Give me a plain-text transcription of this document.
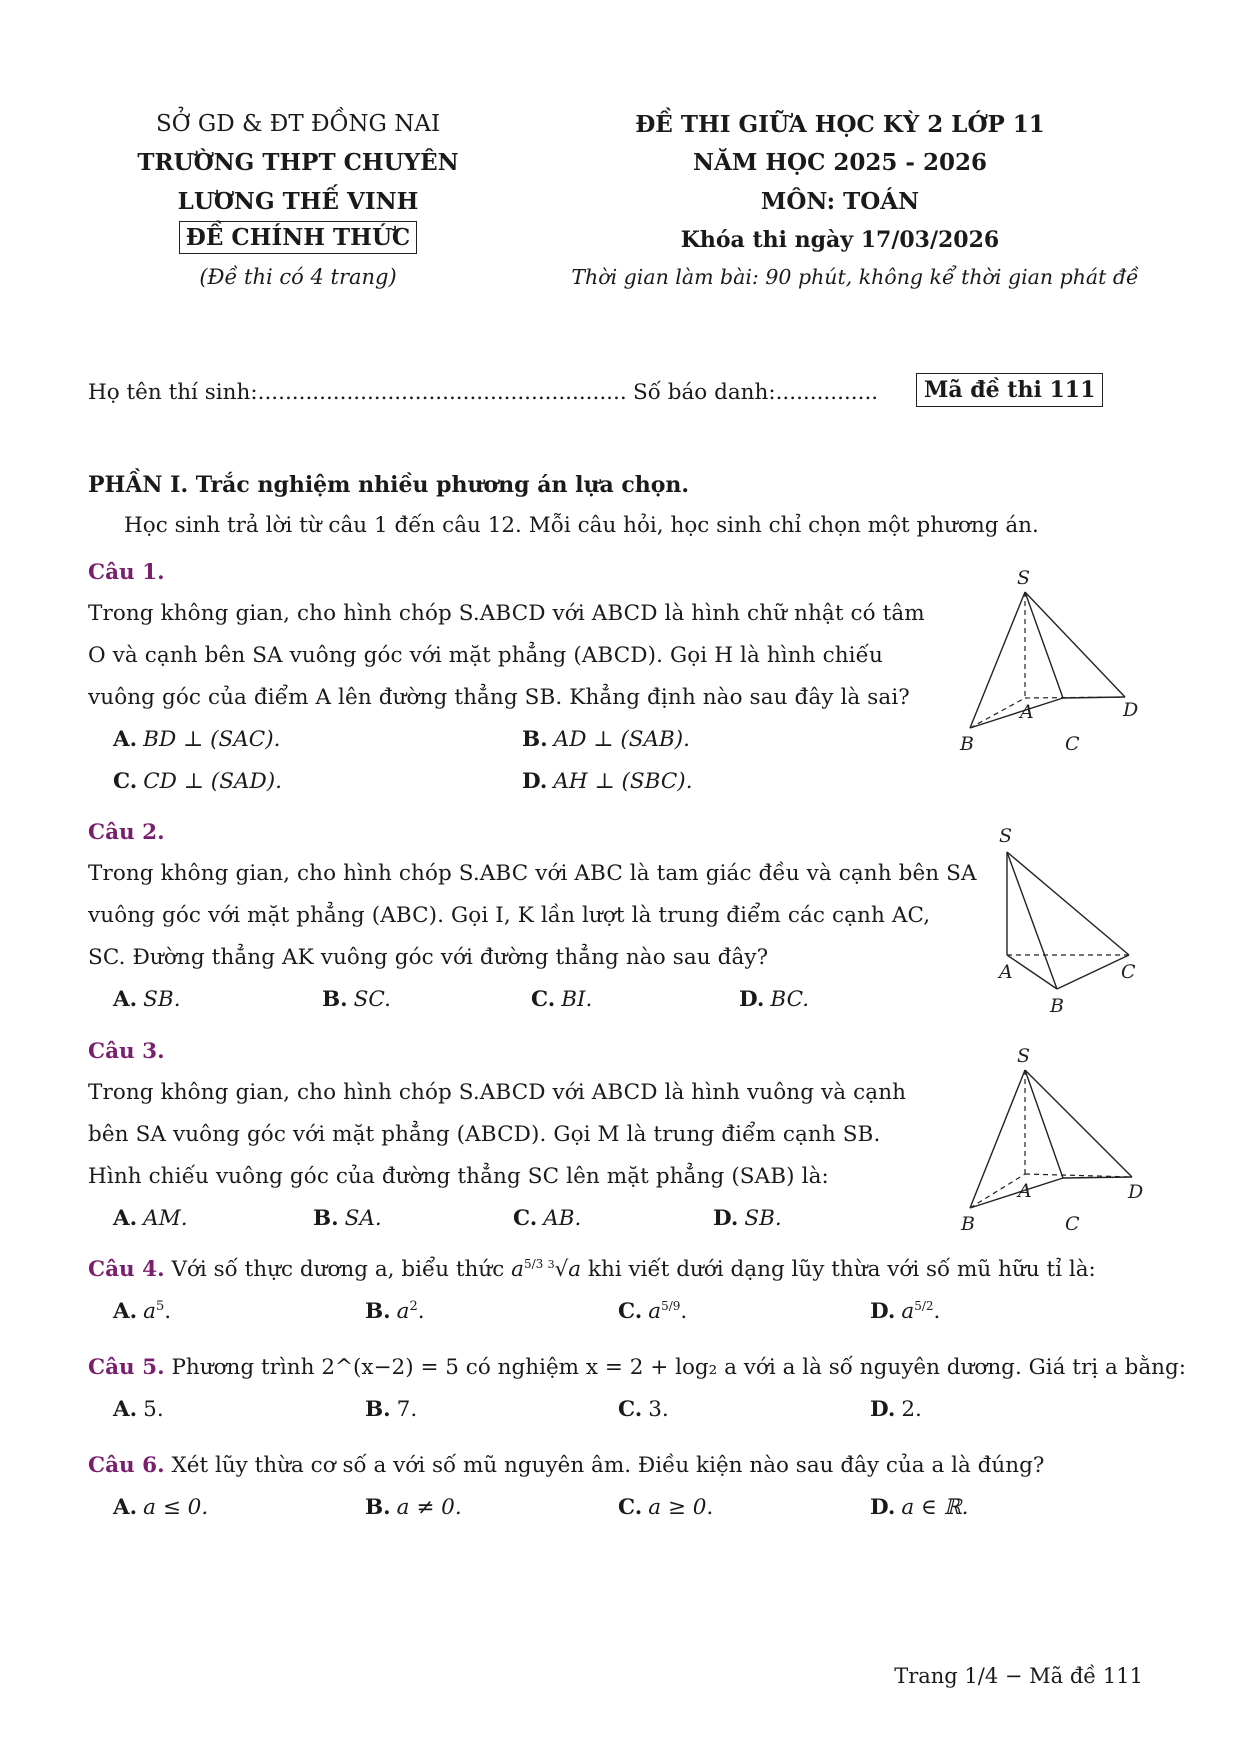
SỞ GD & ĐT ĐỒNG NAI
TRƯỜNG THPT CHUYÊN
LƯƠNG THẾ VINH
ĐỀ CHÍNH THỨC
(Đề thi có 4 trang)
ĐỀ THI GIỮA HỌC KỲ 2 LỚP 11
NĂM HỌC 2025 - 2026
MÔN: TOÁN
Khóa thi ngày 17/03/2026
Thời gian làm bài: 90 phút, không kể thời gian phát đề
Họ tên thí sinh:...................................................... Số báo danh:...............	Mã đề thi 111
PHẦN I. Trắc nghiệm nhiều phương án lựa chọn.
Học sinh trả lời từ câu 1 đến câu 12. Mỗi câu hỏi, học sinh chỉ chọn một phương án.
Câu 1.
Trong không gian, cho hình chóp S.ABCD với ABCD là hình chữ nhật có tâm
O và cạnh bên SA vuông góc với mặt phẳng (ABCD). Gọi H là hình chiếu
vuông góc của điểm A lên đường thẳng SB. Khẳng định nào sau đây là sai?
A. BD ⊥ (SAC).	B. AD ⊥ (SAB).
C. CD ⊥ (SAD).	D. AH ⊥ (SBC).
S
A	D
B	C
Câu 2.
Trong không gian, cho hình chóp S.ABC với ABC là tam giác đều và cạnh bên SA
vuông góc với mặt phẳng (ABC). Gọi I, K lần lượt là trung điểm các cạnh AC,
SC. Đường thẳng AK vuông góc với đường thẳng nào sau đây?
A. SB.	B. SC.	C. BI.	D. BC.
S
A	C
B
Câu 3.
Trong không gian, cho hình chóp S.ABCD với ABCD là hình vuông và cạnh
bên SA vuông góc với mặt phẳng (ABCD). Gọi M là trung điểm cạnh SB.
Hình chiếu vuông góc của đường thẳng SC lên mặt phẳng (SAB) là:
A. AM.	B. SA.	C. AB.	D. SB.
S
A	D
B	C
Câu 4. Với số thực dương a, biểu thức $a^{5/3}$  $^3$√a khi viết dưới dạng lũy thừa với số mũ hữu tỉ là:
A. $a^5$.	B. $a^2$.	C. $a^{5/9}$.	D. $a^{5/2}$.
Câu 5. Phương trình 2^(x−2) = 5 có nghiệm x = 2 + log₂ a với a là số nguyên dương. Giá trị a bằng:
A. 5.	B. 7.	C. 3.	D. 2.
Câu 6. Xét lũy thừa cơ số a với số mũ nguyên âm. Điều kiện nào sau đây của a là đúng?
A. a ≤ 0.	B. a ≠ 0.	C. a ≥ 0.	D. a ∈ ℝ.
Trang 1/4 − Mã đề 111
